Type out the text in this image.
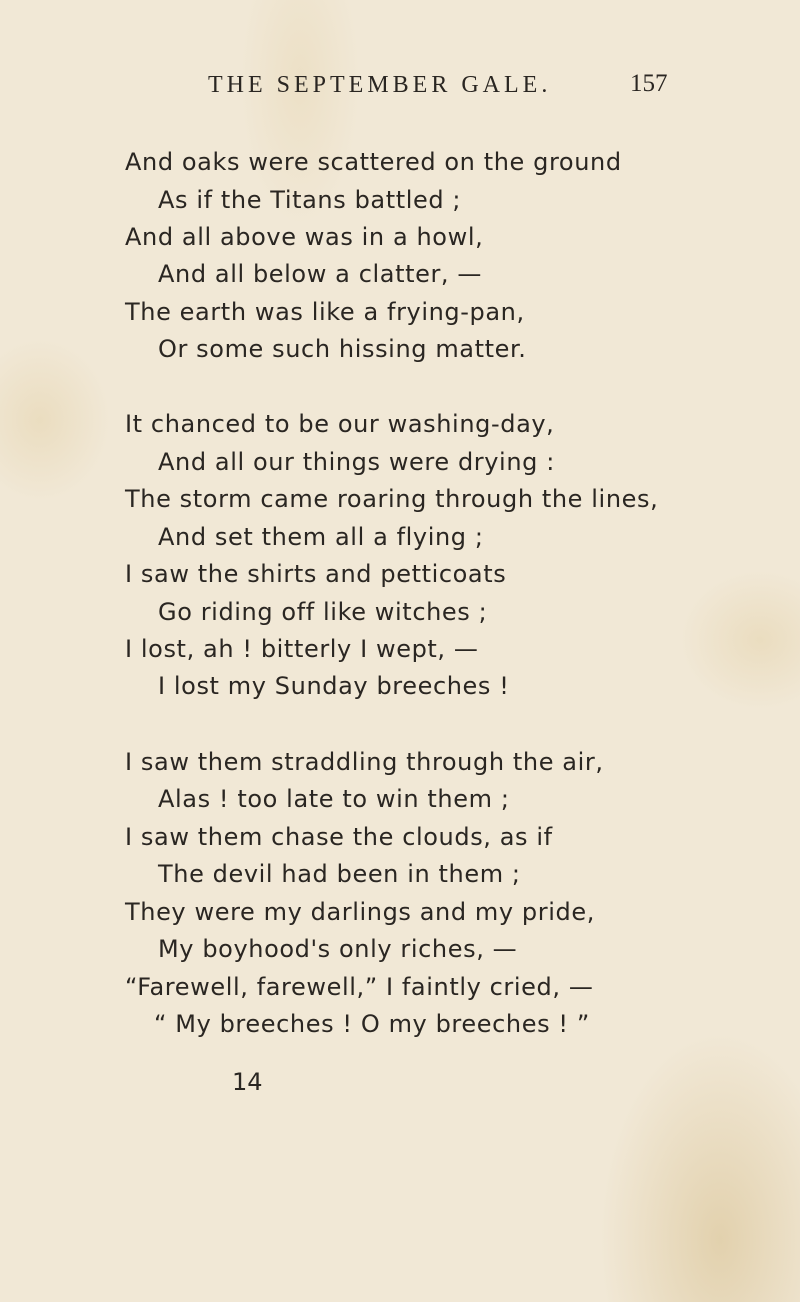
THE SEPTEMBER GALE.	157
And oaks were scattered on the ground
As if the Titans battled ;
And all above was in a howl,
And all below a clatter, —
The earth was like a frying-pan,
Or some such hissing matter.
It chanced to be our washing-day,
And all our things were drying :
The storm came roaring through the lines,
And set them all a flying ;
I saw the shirts and petticoats
Go riding off like witches ;
I lost, ah ! bitterly I wept, —
I lost my Sunday breeches !
I saw them straddling through the air,
Alas ! too late to win them ;
I saw them chase the clouds, as if
The devil had been in them ;
They were my darlings and my pride,
My boyhood's only riches, —
“Farewell, farewell,” I faintly cried, —
“ My breeches ! O my breeches ! ”
14
